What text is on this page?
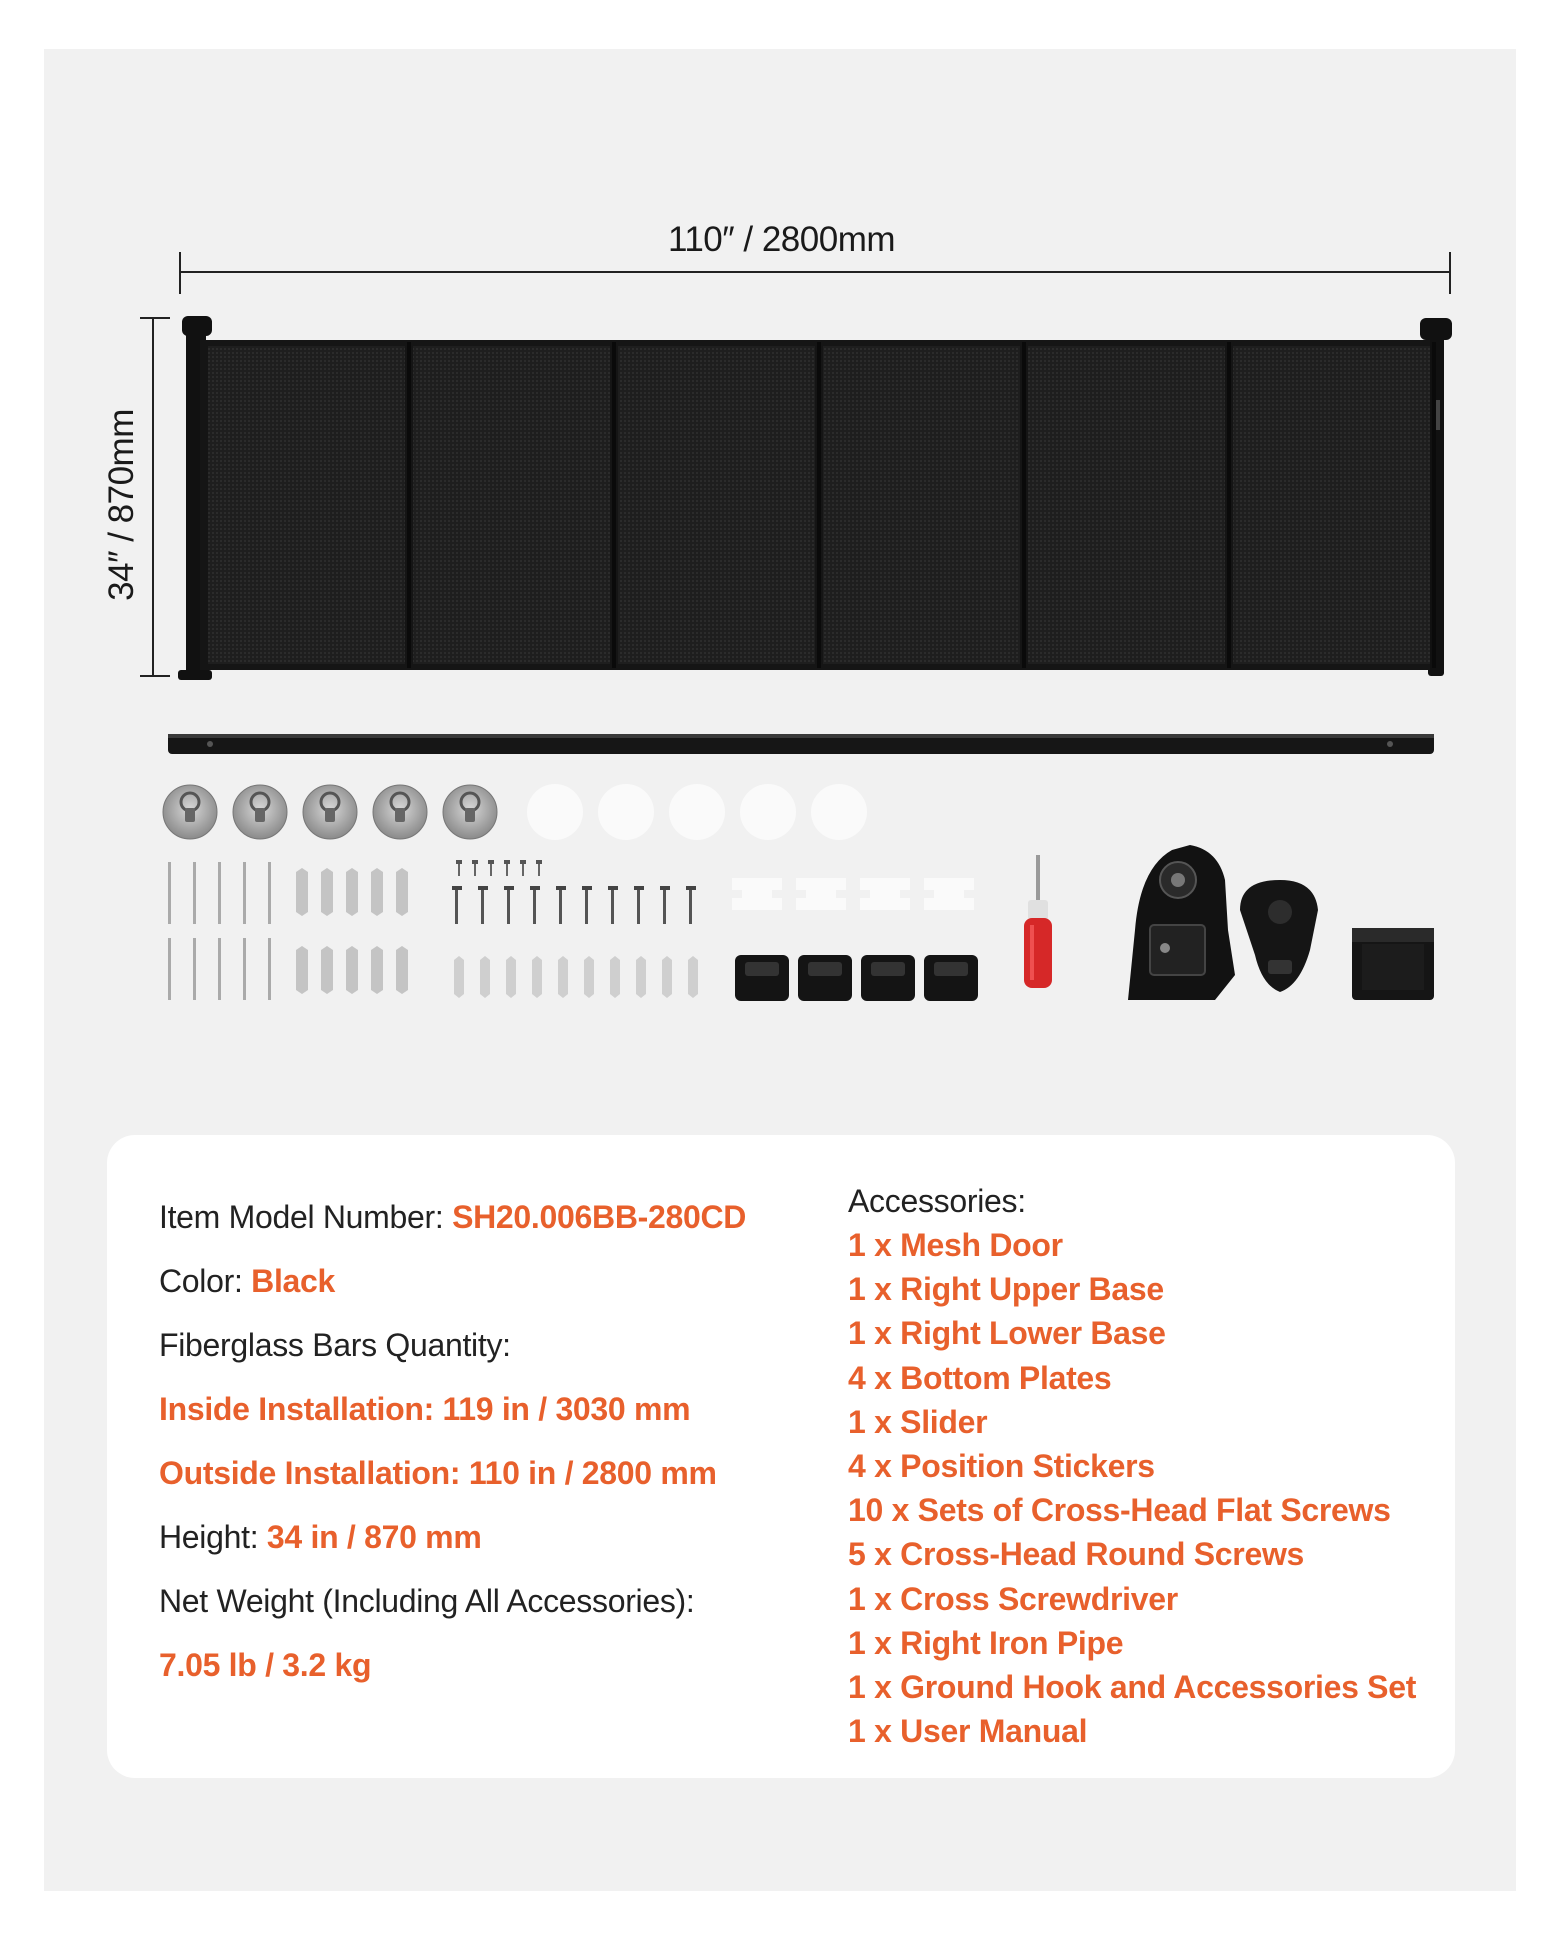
110″ / 2800mm
34″ / 870mm
Item Model Number: SH20.006BB-280CD
Color: Black
Fiberglass Bars Quantity:
Inside Installation: 119 in / 3030 mm
Outside Installation: 110 in / 2800 mm
Height: 34 in / 870 mm
Net Weight (Including All Accessories):
7.05 lb / 3.2 kg
Accessories:
1 x Mesh Door
1 x Right Upper Base
1 x Right Lower Base
4 x Bottom Plates
1 x Slider
4 x Position Stickers
10 x Sets of Cross-Head Flat Screws
5 x Cross-Head Round Screws
1 x Cross Screwdriver
1 x Right Iron Pipe
1 x Ground Hook and Accessories Set
1 x User Manual
